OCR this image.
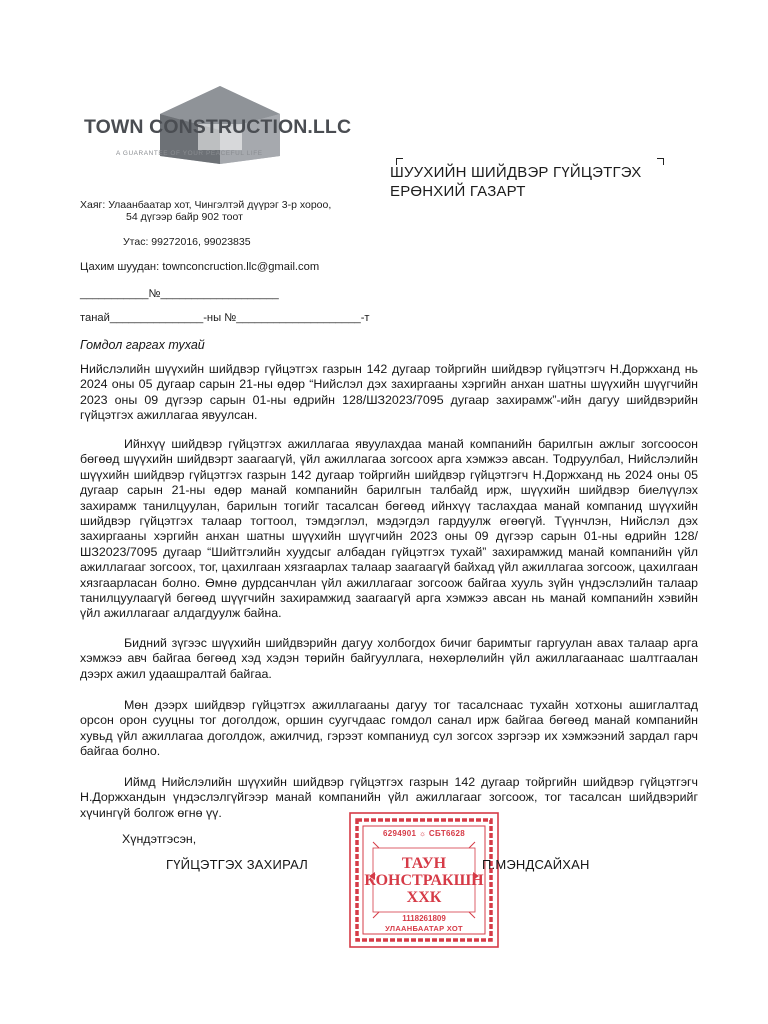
TOWN CONSTRUCTION.LLC
A GUARANTEE OF YOUR PEACEFUL LIFE
ШУУХИЙН ШИЙДВЭР ГҮЙЦЭТГЭХ
ЕРӨНХИЙ ГАЗАРТ
Хаяг: Улаанбаатар хот, Чингэлтэй дүүрэг 3-р хороо,
54 дүгээр байр 902 тоот
Утас: 99272016, 99023835
Цахим шуудан: townconcruction.llc@gmail.com
___________№___________________
танай_______________-ны №____________________-т
Гомдол гаргах тухай
Нийслэлийн шүүхийн шийдвэр гүйцэтгэх газрын 142 дугаар тойргийн шийдвэр гүйцэтгэгч Н.Доржханд нь 2024 оны 05 дугаар сарын 21-ны өдөр “Нийслэл дэх захиргааны хэргийн анхан шатны шүүхийн шүүгчийн 2023 оны 09 дүгээр сарын 01-ны өдрийн 128/ШЗ2023/7095 дугаар захирамж”-ийн дагуу шийдвэрийн гүйцэтгэх ажиллагаа явуулсан.
Ийнхүү шийдвэр гүйцэтгэх ажиллагаа явуулахдаа манай компанийн барилгын ажлыг зогсоосон бөгөөд шүүхийн шийдвэрт заагаагүй, үйл ажиллагаа зогсоох арга хэмжээ авсан. Тодруулбал, Нийслэлийн шүүхийн шийдвэр гүйцэтгэх газрын 142 дугаар тойргийн шийдвэр гүйцэтгэгч Н.Доржханд нь 2024 оны 05 дугаар сарын 21-ны өдөр манай компанийн барилгын талбайд ирж, шүүхийн шийдвэр биелүүлэх захирамж танилцуулан, барилын тогийг тасалсан бөгөөд ийнхүү таслахдаа манай компанид шүүхийн шийдвэр гүйцэтгэх талаар тогтоол, тэмдэглэл, мэдэгдэл гардуулж өгөөгүй. Түүнчлэн, Нийслэл дэх захиргааны хэргийн анхан шатны шүүхийн шүүгчийн 2023 оны 09 дүгээр сарын 01-ны өдрийн 128/ШЗ2023/7095 дугаар “Шийтгэлийн хуудсыг албадан гүйцэтгэх тухай” захирамжид манай компанийн үйл ажиллагааг зогсоох, тог, цахилгаан хязгаарлах талаар заагаагүй байхад үйл ажиллагаа зогсоож, цахилгаан хязгаарласан болно. Өмнө дурдсанчлан үйл ажиллагааг зогсоож байгаа хууль зүйн үндэслэлийн талаар танилцуулаагүй бөгөөд шүүгчийн захирамжид заагаагүй арга хэмжээ авсан нь манай компанийн хэвийн үйл ажиллагааг алдагдуулж байна.
Бидний зүгээс шүүхийн шийдвэрийн дагуу холбогдох бичиг баримтыг гаргуулан авах талаар арга хэмжээ авч байгаа бөгөөд хэд хэдэн төрийн байгууллага, нөхөрлөлийн үйл ажиллагаанаас шалтгаалан дээрх ажил удаашралтай байгаа.
Мөн дээрх шийдвэр гүйцэтгэх ажиллагааны дагуу тог тасалснаас тухайн хотхоны ашиглалтад орсон орон сууцны тог доголдож, оршин суугчдаас гомдол санал ирж байгаа бөгөөд манай компанийн хувьд үйл ажиллагаа доголдож, ажилчид, гэрээт компаниуд сул зогсох зэргээр их хэмжээний зардал гарч байгаа болно.
Иймд Нийслэлийн шүүхийн шийдвэр гүйцэтгэх газрын 142 дугаар тойргийн шийдвэр гүйцэтгэгч Н.Доржхандын үндэслэлгүйгээр манай компанийн үйл ажиллагааг зогсоож, тог тасалсан шийдвэрийг хүчингүй болгож өгнө үү.
Хүндэтгэсэн,	6294901 ☼ СБТ6628
ТАУН
КОНСТРАКШН
ХХК
1118261809
УЛААНБААТАР ХОТ
ГҮЙЦЭТГЭХ ЗАХИРАЛ	П.МЭНДСАЙХАН
